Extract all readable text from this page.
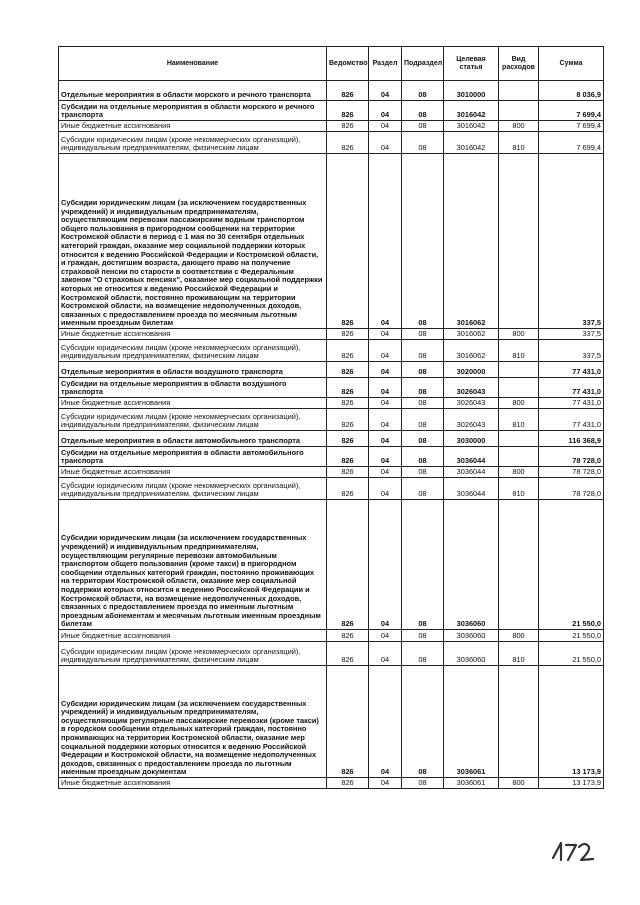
Наименование	Ведомство	Раздел	Подраздел	Целевая статья	Вид расходов	Сумма
Отдельные мероприятия в области морского и речного транспорта	826	04	08	3010000		8 036,9
Субсидии на отдельные мероприятия в области морского и речного транспорта	826	04	08	3016042		7 699,4
Иные бюджетные ассигнования	826	04	08	3016042	800	7 699,4
Субсидии юридическим лицам (кроме некоммерческих организаций), индивидуальным предпринимателям, физическим лицам	826	04	08	3016042	810	7 699,4
Субсидии юридическим лицам (за исключением государственных учреждений) и индивидуальным предпринимателям, осуществляющим перевозки пассажирским водным транспортом общего пользования в пригородном сообщении на территории Костромской области в период с 1 мая по 30 сентября отдельных категорий граждан, оказание мер социальной поддержки которых относится к ведению Российской Федерации и Костромской области, и граждан, достигшим возраста, дающего право на получение страховой пенсии по старости в соответствии с Федеральным законом "О страховых пенсиях", оказание мер социальной поддержки которых не относится к ведению Российской Федерации и Костромской области, постоянно проживающим на территории Костромской области, на возмещение недополученных доходов, связанных с предоставлением проезда по месячным льготным именным проездным билетам	826	04	08	3016062		337,5
Иные бюджетные ассигнования	826	04	08	3016062	800	337,5
Субсидии юридическим лицам (кроме некоммерческих организаций), индивидуальным предпринимателям, физическим лицам	826	04	08	3016062	810	337,5
Отдельные мероприятия в области воздушного транспорта	826	04	08	3020000		77 431,0
Субсидии на отдельные мероприятия в области воздушного транспорта	826	04	08	3026043		77 431,0
Иные бюджетные ассигнования	826	04	08	3026043	800	77 431,0
Субсидии юридическим лицам (кроме некоммерческих организаций), индивидуальным предпринимателям, физическим лицам	826	04	08	3026043	810	77 431,0
Отдельные мероприятия в области автомобильного транспорта	826	04	08	3030000		116 368,9
Субсидии на отдельные мероприятия в области автомобильного транспорта	826	04	08	3036044		78 728,0
Иные бюджетные ассигнования	826	04	08	3036044	800	78 728,0
Субсидии юридическим лицам (кроме некоммерческих организаций), индивидуальным предпринимателям, физическим лицам	826	04	08	3036044	810	78 728,0
Субсидии юридическим лицам (за исключением государственных учреждений) и индивидуальным предпринимателям, осуществляющим регулярные перевозки автомобильным транспортом общего пользования (кроме такси) в пригородном сообщении отдельных категорий граждан, постоянно проживающих на территории Костромской области, оказание мер социальной поддержки которых относится к ведению Российской Федерации и Костромской области, на возмещение недополученных доходов, связанных с предоставлением проезда по именным льготным проездным абонементам и месячным льготным именным проездным билетам	826	04	08	3036060		21 550,0
Иные бюджетные ассигнования	826	04	08	3036060	800	21 550,0
Субсидии юридическим лицам (кроме некоммерческих организаций), индивидуальным предпринимателям, физическим лицам	826	04	08	3036060	810	21 550,0
Субсидии юридическим лицам (за исключением государственных учреждений) и индивидуальным предпринимателям, осуществляющим регулярные пассажирские перевозки (кроме такси) в городском сообщении отдельных категорий граждан, постоянно проживающих на территории Костромской области, оказание мер социальной поддержки которых относится к ведению Российской Федерации и Костромской области, на возмещение недополученных доходов, связанных с предоставлением проезда по льготным именным проездным документам	826	04	08	3036061		13 173,9
Иные бюджетные ассигнования	826	04	08	3036061	800	13 173,9
